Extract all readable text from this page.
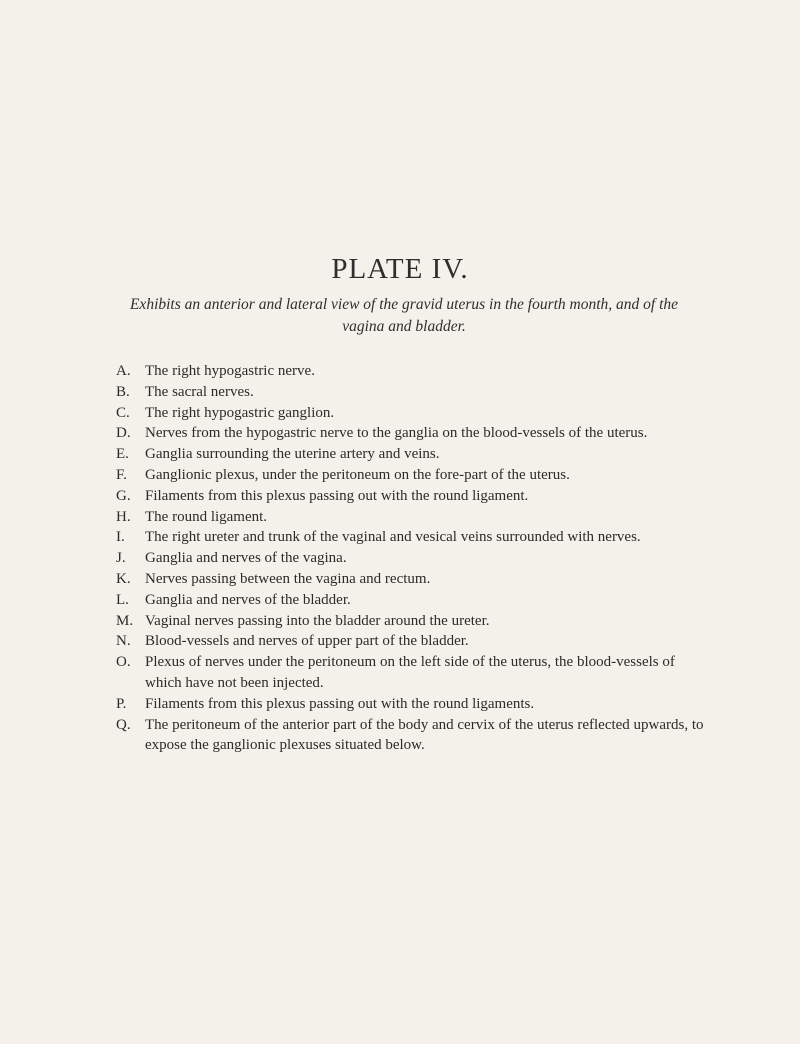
PLATE IV.

Exhibits an anterior and lateral view of the gravid uterus in the fourth month, and of the vagina and bladder.

A. The right hypogastric nerve.
B. The sacral nerves.
C. The right hypogastric ganglion.
D. Nerves from the hypogastric nerve to the ganglia on the blood-vessels of the uterus.
E. Ganglia surrounding the uterine artery and veins.
F. Ganglionic plexus, under the peritoneum on the fore-part of the uterus.
G. Filaments from this plexus passing out with the round ligament.
H. The round ligament.
I. The right ureter and trunk of the vaginal and vesical veins surrounded with nerves.
J. Ganglia and nerves of the vagina.
K. Nerves passing between the vagina and rectum.
L. Ganglia and nerves of the bladder.
M. Vaginal nerves passing into the bladder around the ureter.
N. Blood-vessels and nerves of upper part of the bladder.
O. Plexus of nerves under the peritoneum on the left side of the uterus, the blood-vessels of which have not been injected.
P. Filaments from this plexus passing out with the round ligaments.
Q. The peritoneum of the anterior part of the body and cervix of the uterus reflected upwards, to expose the ganglionic plexuses situated below.
